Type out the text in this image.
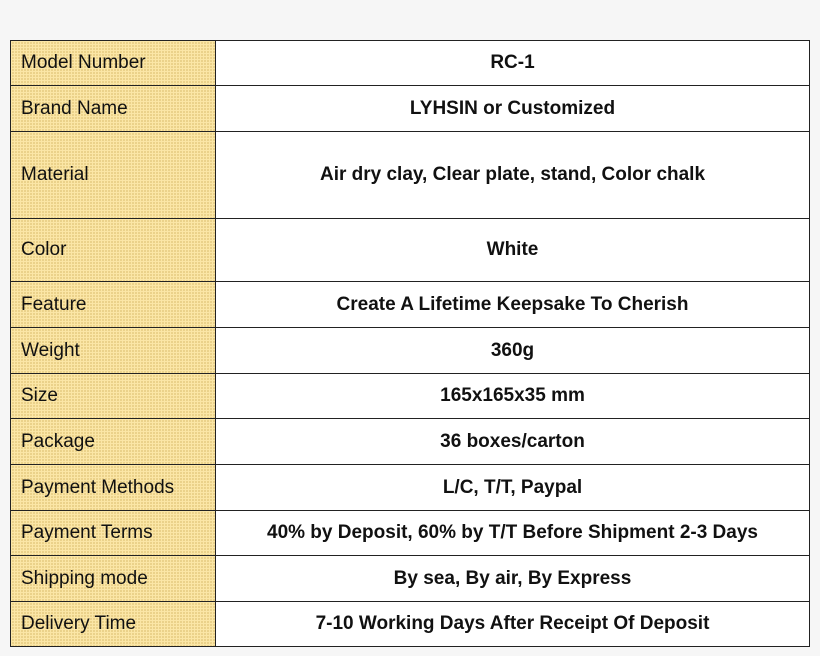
Model Number	RC-1
Brand Name	LYHSIN or Customized
Material	Air dry clay, Clear plate, stand, Color chalk
Color	White
Feature	Create A Lifetime Keepsake To Cherish
Weight	360g
Size	165x165x35 mm
Package	36 boxes/carton
Payment Methods	L/C, T/T, Paypal
Payment Terms	40% by Deposit, 60% by T/T Before Shipment 2-3 Days
Shipping mode	By sea, By air, By Express
Delivery Time	7-10 Working Days After Receipt Of Deposit
